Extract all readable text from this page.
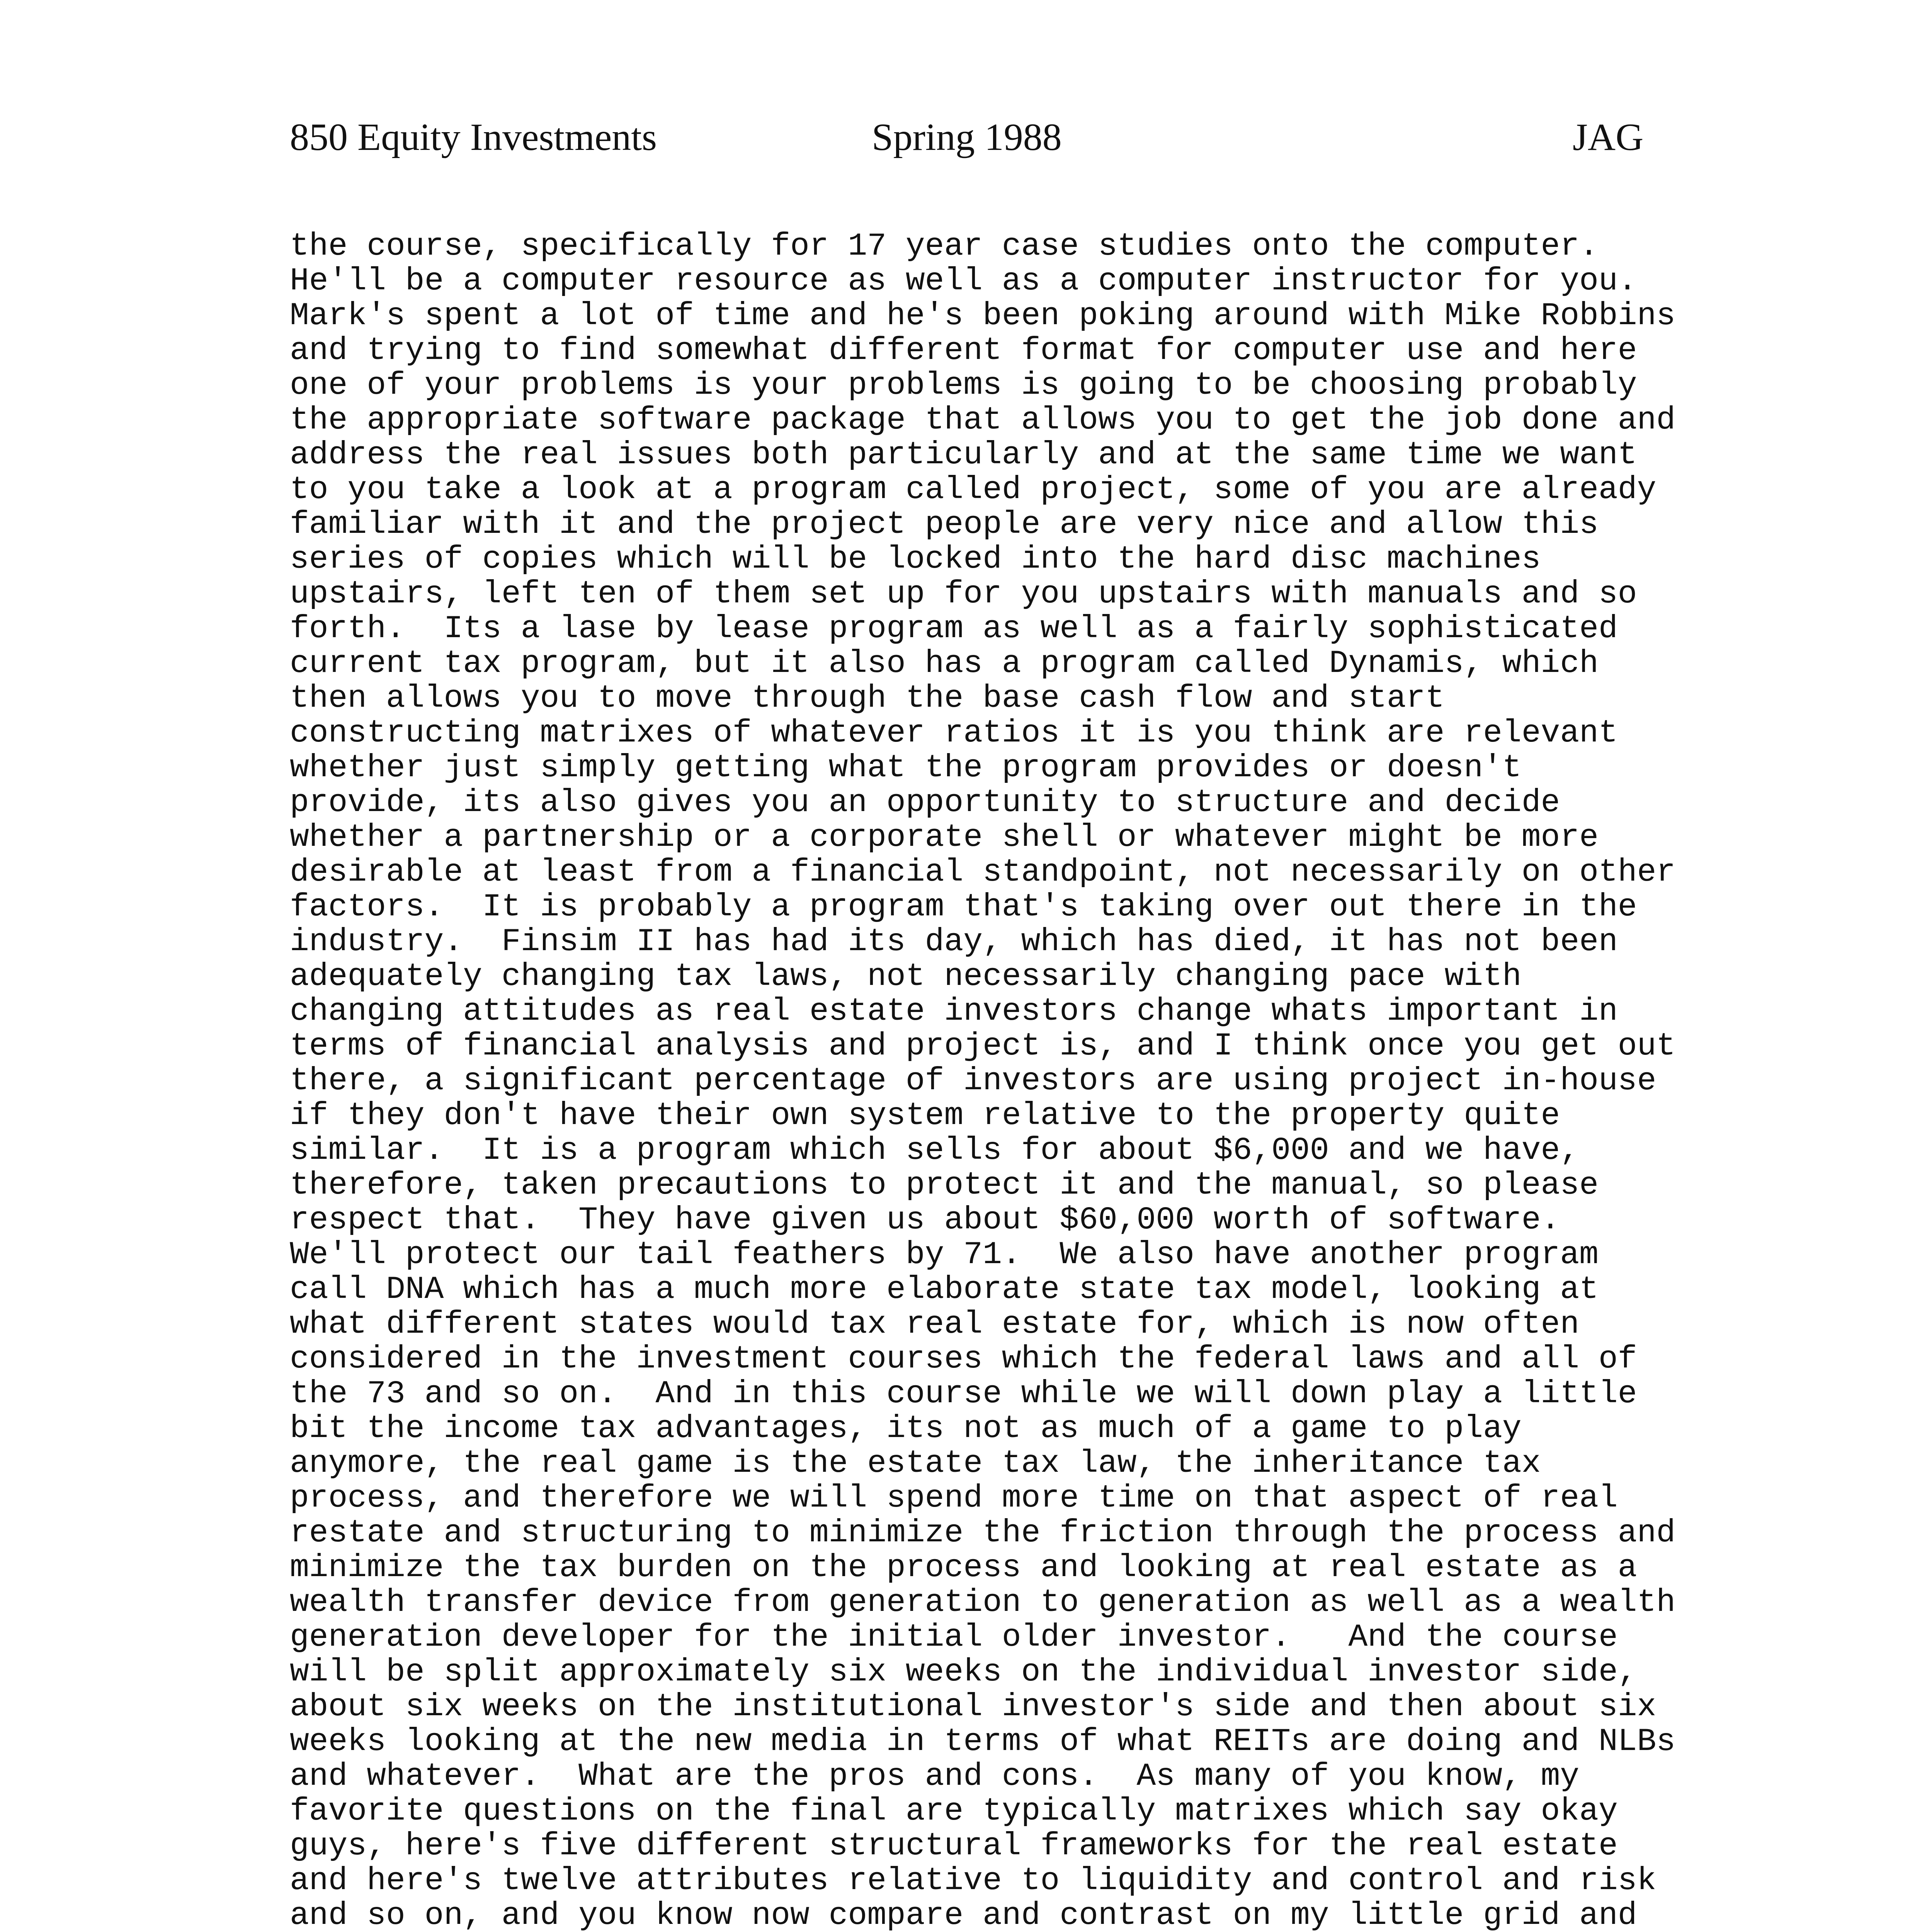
850 Equity Investments	Spring 1988	JAG
the course, specifically for 17 year case studies onto the computer.
He'll be a computer resource as well as a computer instructor for you.
Mark's spent a lot of time and he's been poking around with Mike Robbins
and trying to find somewhat different format for computer use and here
one of your problems is your problems is going to be choosing probably
the appropriate software package that allows you to get the job done and
address the real issues both particularly and at the same time we want
to you take a look at a program called project, some of you are already
familiar with it and the project people are very nice and allow this
series of copies which will be locked into the hard disc machines
upstairs, left ten of them set up for you upstairs with manuals and so
forth.  Its a lase by lease program as well as a fairly sophisticated
current tax program, but it also has a program called Dynamis, which
then allows you to move through the base cash flow and start
constructing matrixes of whatever ratios it is you think are relevant
whether just simply getting what the program provides or doesn't
provide, its also gives you an opportunity to structure and decide
whether a partnership or a corporate shell or whatever might be more
desirable at least from a financial standpoint, not necessarily on other
factors.  It is probably a program that's taking over out there in the
industry.  Finsim II has had its day, which has died, it has not been
adequately changing tax laws, not necessarily changing pace with
changing attitudes as real estate investors change whats important in
terms of financial analysis and project is, and I think once you get out
there, a significant percentage of investors are using project in-house
if they don't have their own system relative to the property quite
similar.  It is a program which sells for about $6,000 and we have,
therefore, taken precautions to protect it and the manual, so please
respect that.  They have given us about $60,000 worth of software.
We'll protect our tail feathers by 71.  We also have another program
call DNA which has a much more elaborate state tax model, looking at
what different states would tax real estate for, which is now often
considered in the investment courses which the federal laws and all of
the 73 and so on.  And in this course while we will down play a little
bit the income tax advantages, its not as much of a game to play
anymore, the real game is the estate tax law, the inheritance tax
process, and therefore we will spend more time on that aspect of real
restate and structuring to minimize the friction through the process and
minimize the tax burden on the process and looking at real estate as a
wealth transfer device from generation to generation as well as a wealth
generation developer for the initial older investor.   And the course
will be split approximately six weeks on the individual investor side,
about six weeks on the institutional investor's side and then about six
weeks looking at the new media in terms of what REITs are doing and NLBs
and whatever.  What are the pros and cons.  As many of you know, my
favorite questions on the final are typically matrixes which say okay
guys, here's five different structural frameworks for the real estate
and here's twelve attributes relative to liquidity and control and risk
and so on, and you know now compare and contrast on my little grid and
